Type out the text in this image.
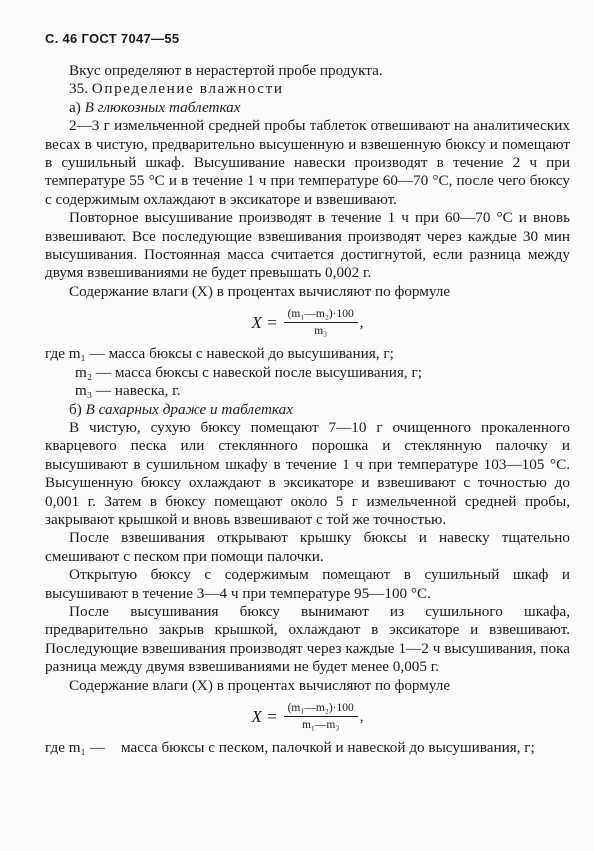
С. 46 ГОСТ 7047—55

Вкус определяют в нерастертой пробе продукта.

35. Определение влажности

а) В глюкозных таблетках

2—3 г измельченной средней пробы таблеток отвешивают на аналитических весах в чистую, предварительно высушенную и взвешенную бюксу и помещают в сушильный шкаф. Высушивание навески производят в течение 2 ч при температуре 55 °С и в течение 1 ч при температуре 60—70 °С, после чего бюксу с содержимым охлаждают в эксикаторе и взвешивают.

Повторное высушивание производят в течение 1 ч при 60—70 °С и вновь взвешивают. Все последующие взвешивания производят через каждые 30 мин высушивания. Постоянная масса считается достигнутой, если разница между двумя взвешиваниями не будет превышать 0,002 г.

Содержание влаги (X) в процентах вычисляют по формуле

$X = \frac{\text{(m₁—m₂)·100}}{\text{m₃}}$ ,

где m₁ — масса бюксы с навеской до высушивания, г;

m₂ — масса бюксы с навеской после высушивания, г;

m₃ — навеска, г.

б) В сахарных драже и таблетках

В чистую, сухую бюксу помещают 7—10 г очищенного прокаленного кварцевого песка или стеклянного порошка и стеклянную палочку и высушивают в сушильном шкафу в течение 1 ч при температуре 103—105 °С. Высушенную бюксу охлаждают в эксикаторе и взвешивают с точностью до 0,001 г. Затем в бюксу помещают около 5 г измельченной средней пробы, закрывают крышкой и вновь взвешивают с той же точностью.

После взвешивания открывают крышку бюксы и навеску тщательно смешивают с песком при помощи палочки.

Открытую бюксу с содержимым помещают в сушильный шкаф и высушивают в течение 3—4 ч при температуре 95—100 °С.

После высушивания бюксу вынимают из сушильного шкафа, предварительно закрыв крышкой, охлаждают в эксикаторе и взвешивают. Последующие взвешивания производят через каждые 1—2 ч высушивания, пока разница между двумя взвешиваниями не будет менее 0,005 г.

Содержание влаги (X) в процентах вычисляют по формуле

$X = \frac{\text{(m₁—m₂)·100}}{\text{m₁—m₃}}$ ,
где m₁ —	масса бюксы с песком, палочкой и навеской до высушивания, г;
